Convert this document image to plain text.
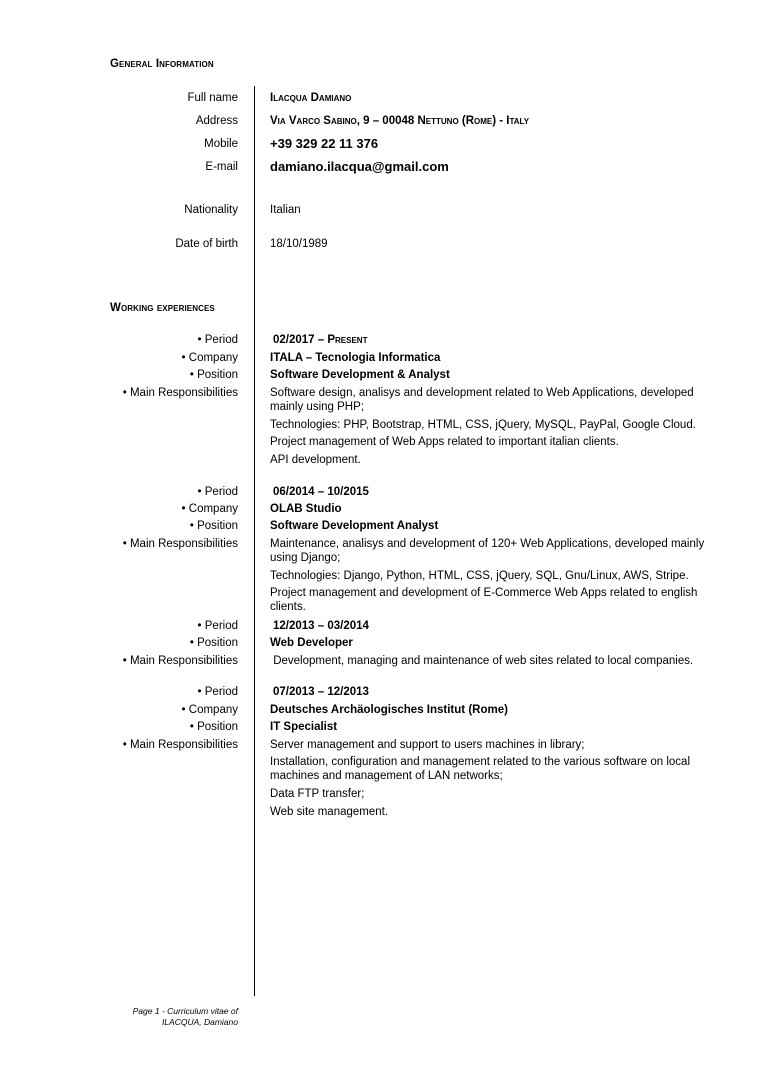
General Information
Full name	Ilacqua Damiano
Address	Via Varco Sabino, 9 – 00048 Nettuno (Rome) - Italy
Mobile +39 329 22 11 376
E-mail damiano.ilacqua@gmail.com
Nationality	Italian
Date of birth	18/10/1989
Working experiences
• Period	02/2017 – Present
• Company	ITALA – Tecnologia Informatica
• Position	Software Development & Analyst
• Main Responsibilities	Software design, analisys and development related to Web Applications, developed mainly using PHP;
Technologies: PHP, Bootstrap, HTML, CSS, jQuery, MySQL, PayPal, Google Cloud.
Project management of Web Apps related to important italian clients.
API development.
• Period	06/2014 – 10/2015
• Company	OLAB Studio
• Position	Software Development Analyst
• Main Responsibilities	Maintenance, analisys and development of 120+ Web Applications, developed mainly using Django;
Technologies: Django, Python, HTML, CSS, jQuery, SQL, Gnu/Linux, AWS, Stripe.
Project management and development of E-Commerce Web Apps related to english clients.
• Period	12/2013 – 03/2014
• Position	Web Developer
• Main Responsibilities	Development, managing and maintenance of web sites related to local companies.
• Period	07/2013 – 12/2013
• Company	Deutsches Archäologisches Institut (Rome)
• Position	IT Specialist
• Main Responsibilities	Server management and support to users machines in library;
Installation, configuration and management related to the various software on local machines and management of LAN networks;
Data FTP transfer;
Web site management.
Page 1 - Curriculum vitae of
ILACQUA, Damiano
